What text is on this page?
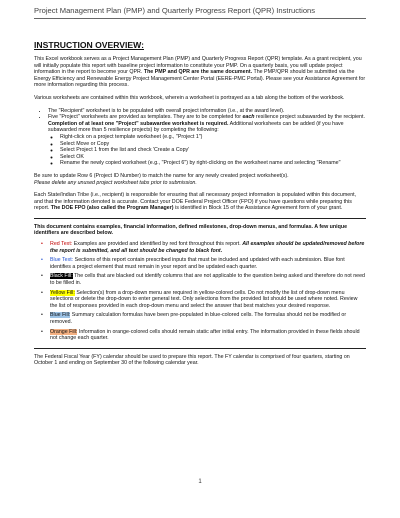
Project Management Plan (PMP) and Quarterly Progress Report (QPR) Instructions
INSTRUCTION OVERVIEW:

This Excel workbook serves as a Project Management Plan (PMP) and Quarterly Progress Report (QPR) template. As a grant recipient, you will initially populate this report with baseline project information to constitute your PMP. On a quarterly basis, you will update project information in the report to become your QPR. The PMP and QPR are the same document. The PMP/QPR should be submitted via the Energy Efficiency and Renewable Energy Project Management Center Portal (EERE-PMC Portal). Please see your Assistance Agreement for more information regarding this process.

Various worksheets are contained within this workbook, wherein a worksheet is portrayed as a tab along the bottom of the workbook.

• The "Recipient" worksheet is to be populated with overall project information (i.e., at the award level).
• Five "Project" worksheets are provided as templates. They are to be completed for each resilience project subawarded by the recipient. Completion of at least one "Project" subawardee worksheet is required. Additional worksheets can be added (if you have subawarded more than 5 resilience projects) by completing the following:
◦ Right-click on a project template worksheet (e.g., "Project 1")
◦ Select Move or Copy
◦ Select Project 1 from the list and check 'Create a Copy'
◦ Select OK
◦ Rename the newly copied worksheet (e.g., "Project 6") by right-clicking on the worksheet name and selecting "Rename"

Be sure to update Row 6 (Project ID Number) to match the name for any newly created project worksheet(s).
Please delete any unused project worksheet tabs prior to submission.

Each State/Indian Tribe (i.e., recipient) is responsible for ensuring that all necessary project information is populated within this document, and that the information denoted is accurate. Contact your DOE Federal Project Officer (FPO) if you have questions while preparing this report. The DOE FPO (also called the Program Manager) is identified in Block 15 of the Assistance Agreement form of your grant.

This document contains examples, financial information, defined milestones, drop-down menus, and formulas. A few unique identifiers are described below.
• Red Text: Examples are provided and identified by red font throughout this report. All examples should be updated/removed before the report is submitted, and all text should be changed to black font.
• Blue Text: Sections of this report contain prescribed inputs that must be included and updated with each submission. Blue font identifies a project element that must remain in your report and be updated each quarter.
• Black Fill: The cells that are blacked out identify columns that are not applicable to the question being asked and therefore do not need to be filled in.
• Yellow Fill: Selection(s) from a drop-down menu are required in yellow-colored cells. Do not modify the list of drop-down menu selections or delete the drop-down to enter general text. Only selections from the provided list should be used where noted. Review the list of responses provided in each drop-down menu and select the answer that best matches your desired response.
• Blue Fill: Summary calculation formulas have been pre-populated in blue-colored cells. The formulas should not be modified or removed.
• Orange Fill: Information in orange-colored cells should remain static after initial entry. The information provided in these fields should not change each quarter.
The Federal Fiscal Year (FY) calendar should be used to prepare this report. The FY calendar is comprised of four quarters, starting on October 1 and ending on September 30 of the following calendar year.
1
